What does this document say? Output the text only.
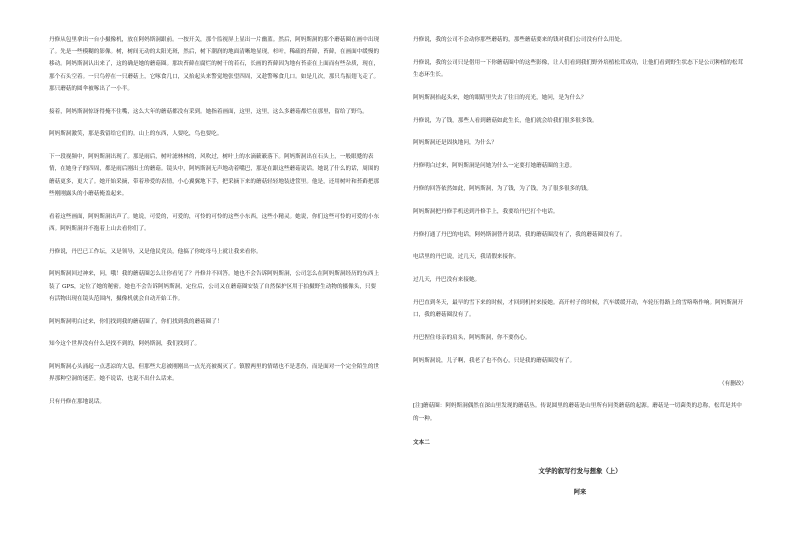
丹修从包里拿出一台小摄像机，放在阿妈斯洞跟前。一按开关，那个监视屏上显出一片幽蓝。然后，阿妈斯洞的那个蘑菇圈在画中出现了。先是一些模糊的影像。树，树间无动的太阳光斑，然后，树下潮润的地面清晰地显现，杉叶，稀疏的苔藓，苔藓，在画面中缓慢的移动。阿妈斯洞认出来了，这的确是她的蘑菇圈。那块苔藓在腐烂的树干的若石，长画的苔藓因为地有苔壶在上面而有些杂质，现在，那个石头空着。一只鸟停在一只蘑菇上，它啄食几口，又抬起头来警觉地张望四周，又趁警啄食几口。如是几次，那只鸟振翅飞走了。那只蘑菇的圆伞被啄出了一小半。

接着，阿妈斯洞惊讶得掩不住嘴，这么大年的蘑菇都没有采到。她指着画面，这里，这里，这么多蘑菇都烂在那里，留给了野鸟。

阿妈斯洞激笑，那是我留给它们的。山上的东西，人要吃，鸟也要吃。

下一段视频中，阿妈斯洞出现了。那是雨后，树叶滤林林的，风吹过，树叶上的水滴簌簌落下。阿妈斯洞出在石头上，一般眼蹙的表情，在她身子的四周，都是雨后刚出土的蘑菇。镜头中，阿妈斯洞无声地动着嘴巴，那是在跟这些蘑菇说话。她说了什么的话，周围的蘑菇更多，更大了。她开始采摘，带着珍爱的表情，小心翼翼地下手，把采摘下来的蘑菇轻轻地装进筐里。他是，还用树叶和苔藓把那些刚刚露头的小蘑菇掩盖起来。

看着这些画面，阿妈斯洞出声了。她说，可爱的，可爱的，可怜的可怜的这些小东西，这些小精灵。她说，你们这些可怜的可爱的小东西。阿妈斯洞并不抱着上山去看你们了。

丹修说，丹巴已工作坛，又是领导，又是他民党员，他搞了你蛇母马上就让我来看你。

阿妈斯洞回过神来，问，哦！我的蘑菇圈怎么让你看见了？丹修并不回答。她也不会告诉阿妈斯洞，公司怎么在阿妈斯洞经历的东西上装了 GPS，定位了她的秘密。她也不会告诉阿妈斯洞，定位后，公司又在蘑菇圈安装了自然保护区用于拍摄野生动物的摄像头，只要有活物出现在镜头范围内，摄像机就会自动开始工作。

阿妈斯洞明白过来，你们找到我的蘑菇圈了，你们找到我的蘑菇圈了！

知今这个世界没有什么是找不到的，阿妈斯洞，我们找到了。

阿妈斯洞心头涌起一点悲凉的大息，但那些大息被刚刚出一点光亮被揭灭了。镇膛两里的情绪也不是悲伤，而是面对一个完全陌生的世界那种空洞的迷茫。她不说话，也说不出什么话来。

只有丹修在那地说话。

丹修说，我的公司不会动你那些蘑菇的，那些蘑菇要来的钱对我们公司没有什么用处。

丹修说，我的公司只是借用一下你蘑菇圈中的这些影像，让人们看到我们野外培植松茸成功，让他们看到野生状态下是公司种植的松茸生态环生长。

阿妈斯洞抬起头来，她的眼睛里失去了往日的亮光，她问，是为什么？

丹修说，为了钱，那些人看到蘑菇如此生长，他们就会给我们很多很多钱。

阿妈斯洞还是固执地问，为什么？

丹修明白过来，阿妈斯洞是问她为什么一定要打她蘑菇圈的主意。

丹修的回答依然如此，阿妈斯洞，为了钱，为了钱，为了很多很多的钱。

阿妈斯洞把丹修手机送到丹修手上，我要给丹巴打个电话。

丹修打通了丹巴的电话，阿妈斯洞替丹说话，我的蘑菇圈没有了，我的蘑菇圈没有了。

电话里的丹巴说，过几天，我请假来接你。

过几天，丹巴没有来接她。

丹巴直到冬天，最早的雪下来的时候，才回到机村来接她。高开村子的时候，汽车缓缓开动，车轮压得路上的雪咯咯作响。阿妈斯洞开口，我的蘑菇圈没有了。

丹巴捏住母亲的肩头，阿妈斯洞，你不要伤心。

阿妈斯洞说，儿子啊，我老了也不伤心，只是我的蘑菇圈没有了。

（有删改）

[注]蘑菇圈：阿妈斯洞偶然在深山里发现的蘑菇丛。传说圆里的蘑菇是山里所有同类蘑菇的起源。蘑菇是一切菌类的总称，松茸是其中的一种。

文本二
文学的叙写行发与想象（上）
阿来
